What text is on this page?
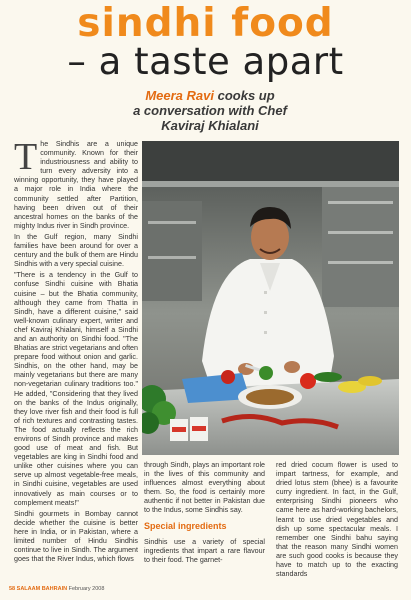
sindhi food
– a taste apart
Meera Ravi cooks up
a conversation with Chef
Kaviraj Khialani
T he Sindhis are a unique community. Known for their industriousness and ability to turn every adversity into a winning opportunity, they have played a major role in India where the community settled after Partition, having been driven out of their ancestral homes on the banks of the mighty Indus river in Sindh province.

In the Gulf region, many Sindhi families have been around for over a century and the bulk of them are Hindu Sindhis with a very special cuisine.

"There is a tendency in the Gulf to confuse Sindhi cuisine with Bhatia cuisine – but the Bhatia community, although they came from Thatta in Sindh, have a different cuisine," said well-known culinary expert, writer and chef Kaviraj Khialani, himself a Sindhi and an authority on Sindhi food. "The Bhatias are strict vegetarians and often prepare food without onion and garlic. Sindhis, on the other hand, may be mainly vegetarians but there are many non-vegetarian culinary traditions too." He added, "Considering that they lived on the banks of the Indus originally, they love river fish and their food is full of rich textures and contrasting tastes. The food actually reflects the rich environs of Sindh province and makes good use of meat and fish. But vegetables are king in Sindhi food and unlike other cuisines where you can serve up almost vegetable-free meals, in Sindhi cuisine, vegetables are used innovatively as main courses or to complement meats!"

Sindhi gourmets in Bombay cannot decide whether the cuisine is better here in India, or in Pakistan, where a limited number of Hindu Sindhis continue to live in Sindh. The argument goes that the River Indus, which flows

through Sindh, plays an important role in the lives of this community and influences almost everything about them. So, the food is certainly more authentic if not better in Pakistan due to the Indus, some Sindhis say.

Special ingredients

Sindhis use a variety of special ingredients that impart a rare flavour to their food. The garnet-

red dried cocum flower is used to impart tartness, for example, and dried lotus stem (bhee) is a favourite curry ingredient. In fact, in the Gulf, enterprising Sindhi pioneers who came here as hard-working bachelors, learnt to use dried vegetables and dish up some spectacular meals. I remember one Sindhi bahu saying that the reason many Sindhi women are such good cooks is because they have to match up to the exacting standards

58 SALAAM BAHRAIN February 2008
